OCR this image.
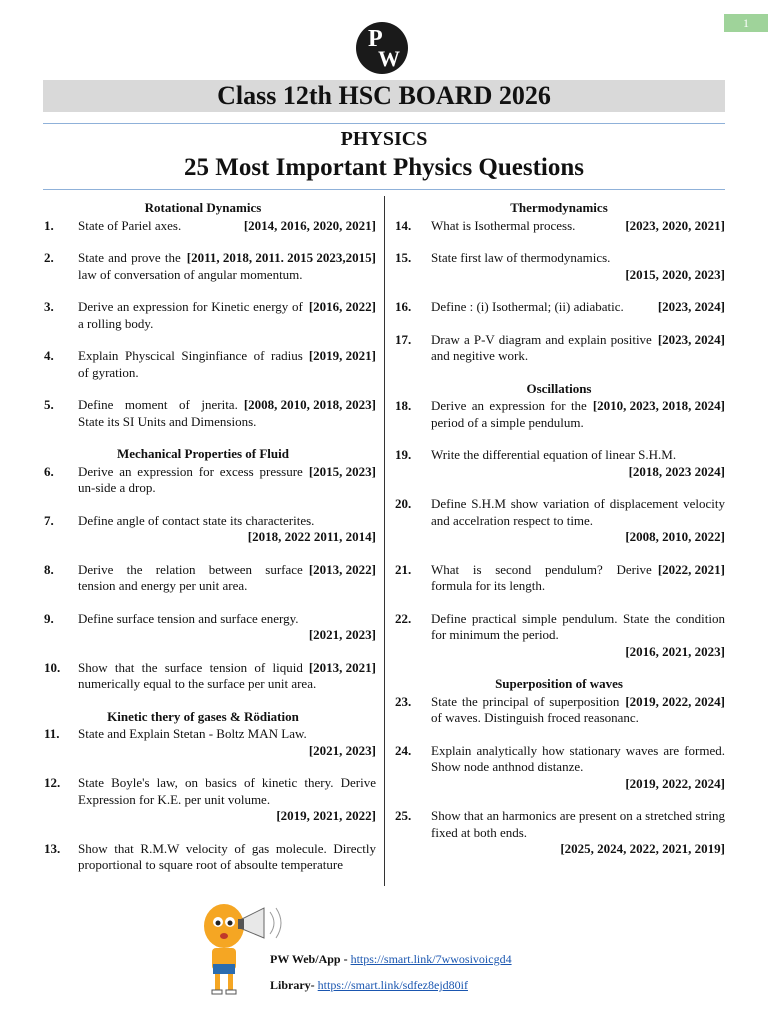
1
P
W
Class 12th HSC BOARD 2026
PHYSICS
25 Most Important Physics Questions
Rotational Dynamics
1.	[2014, 2016, 2020, 2021]
State of Pariel axes.
2.	[2011, 2018, 2011. 2015 2023,2015]
State and prove the law of conversation of angular momentum.
3.	[2016, 2022]
Derive an expression for Kinetic energy of a rolling body.
4.	[2019, 2021]
Explain Physcical Singinfiance of radius of gyration.
5.	[2008, 2010, 2018, 2023]
Define moment of jnerita. State its SI Units and Dimensions.
Mechanical Properties of Fluid
6.	[2015, 2023]
Derive an expression for excess pressure un-side a drop.
7.	Define angle of contact state its characterites.
[2018, 2022 2011, 2014]
8.	[2013, 2022]
Derive the relation between surface tension and energy per unit area.
9.	Define surface tension and surface energy.
[2021, 2023]
10.	[2013, 2021]
Show that the surface tension of liquid numerically equal to the surface per unit area.
Kinetic thery of gases & Rödiation
11.	State and Explain Stetan - Boltz MAN Law.
[2021, 2023]
12.	State Boyle's law, on basics of kinetic thery. Derive Expression for K.E. per unit volume.
[2019, 2021, 2022]
13.	Show that R.M.W velocity of gas molecule. Directly proportional to square root of absoulte temperature
Thermodynamics
14.	[2023, 2020, 2021]
What is Isothermal process.
15.	State first law of thermodynamics.
[2015, 2020, 2023]
16.	[2023, 2024]
Define : (i) Isothermal; (ii) adiabatic.
17.	[2023, 2024]
Draw a P-V diagram and explain positive and negitive work.
Oscillations
18.	[2010, 2023, 2018, 2024]
Derive an expression for the period of a simple pendulum.
19.	Write the differential equation of linear S.H.M.
[2018, 2023 2024]
20.	Define S.H.M show variation of displacement velocity and accelration respect to time.
[2008, 2010, 2022]
21.	[2022, 2021]
What is second pendulum? Derive formula for its length.
22.	Define practical simple pendulum. State the condition for minimum the period.
[2016, 2021, 2023]
Superposition of waves
23.	[2019, 2022, 2024]
State the principal of superposition of waves. Distinguish froced reasonanc.
24.	Explain analytically how stationary waves are formed. Show node anthnod distanze.
[2019, 2022, 2024]
25.	Show that an harmonics are present on a stretched string fixed at both ends.
[2025, 2024, 2022, 2021, 2019]
PW Web/App - https://smart.link/7wwosivoicgd4
Library- https://smart.link/sdfez8ejd80if
